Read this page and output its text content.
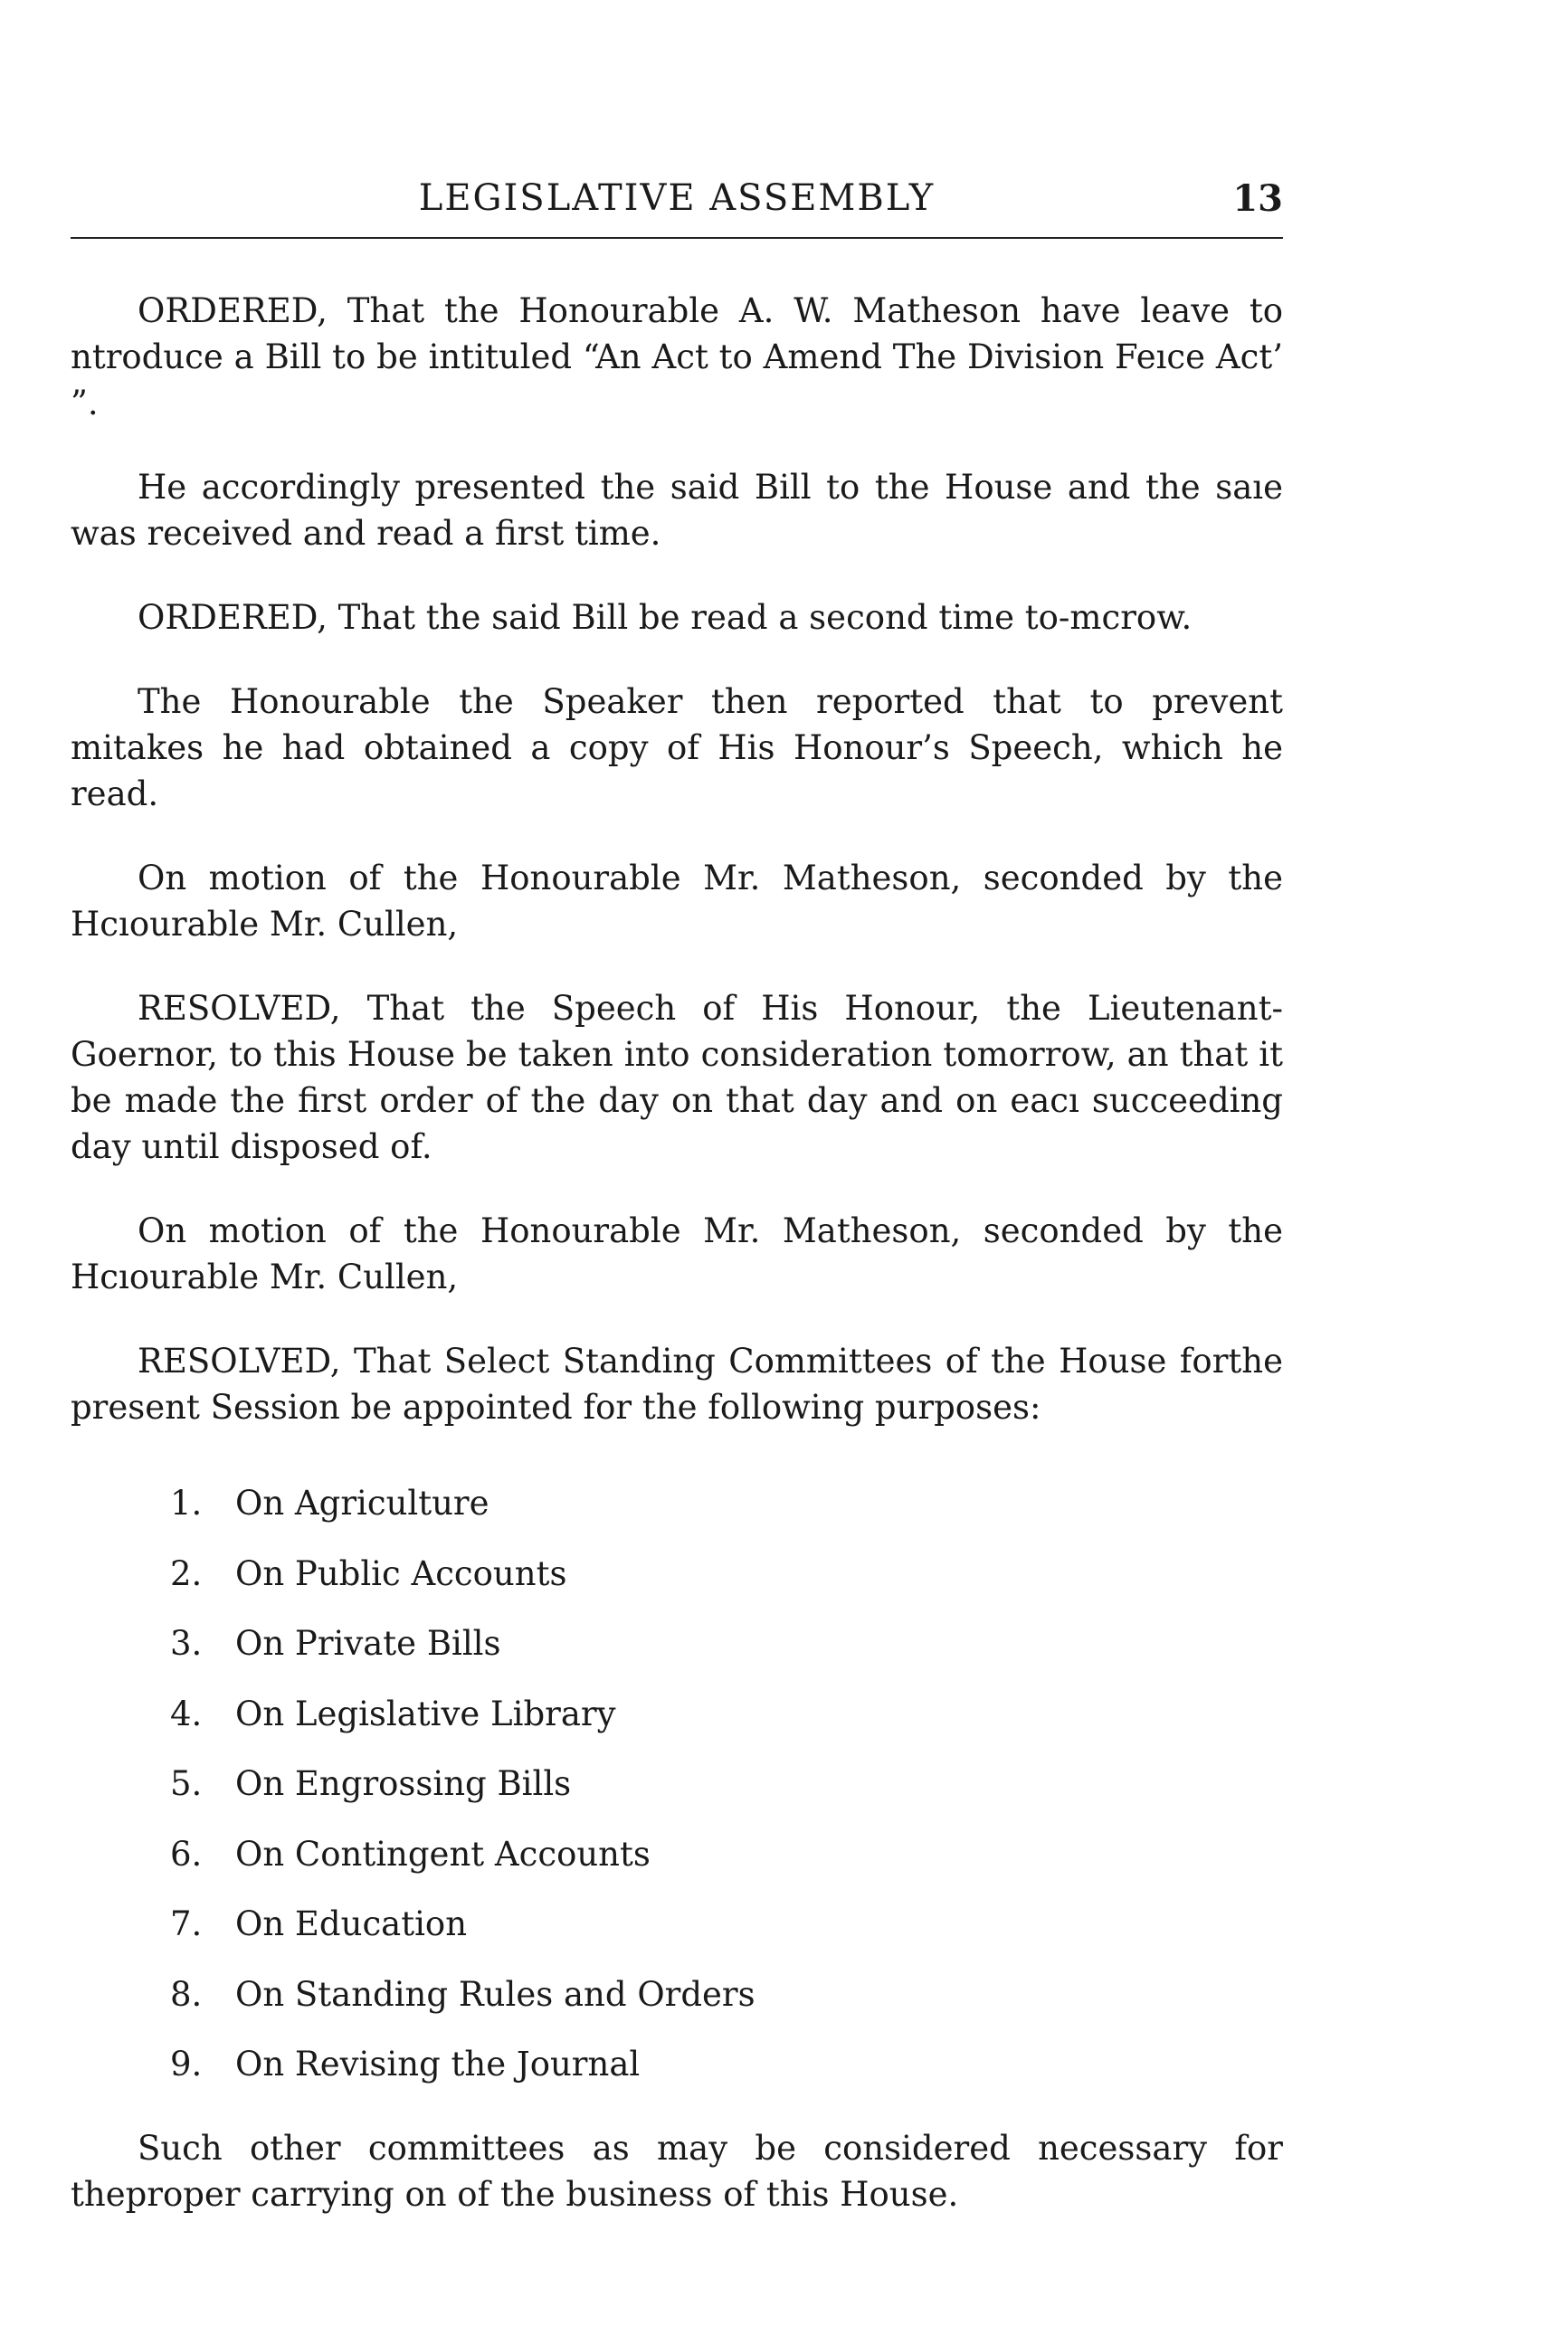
LEGISLATIVE ASSEMBLY	13

ORDERED, That the Honourable A. W. Matheson have leave to ntroduce a Bill to be intituled “An Act to Amend The Division Feıce Act’ ”.

He accordingly presented the said Bill to the House and the saıe was received and read a first time.

ORDERED, That the said Bill be read a second time to-mcrow.

The Honourable the Speaker then reported that to prevent mitakes he had obtained a copy of His Honour’s Speech, which he read.

On motion of the Honourable Mr. Matheson, seconded by the Hcıourable Mr. Cullen,

RESOLVED, That the Speech of His Honour, the Lieutenant-Goernor, to this House be taken into consideration tomorrow, an that it be made the first order of the day on that day and on eacı succeeding day until disposed of.

On motion of the Honourable Mr. Matheson, seconded by the Hcıourable Mr. Cullen,

RESOLVED, That Select Standing Committees of the House forthe present Session be appointed for the following purposes:

1. On Agriculture
2. On Public Accounts
3. On Private Bills
4. On Legislative Library
5. On Engrossing Bills
6. On Contingent Accounts
7. On Education
8. On Standing Rules and Orders
9. On Revising the Journal

Such other committees as may be considered necessary for theproper carrying on of the business of this House.
